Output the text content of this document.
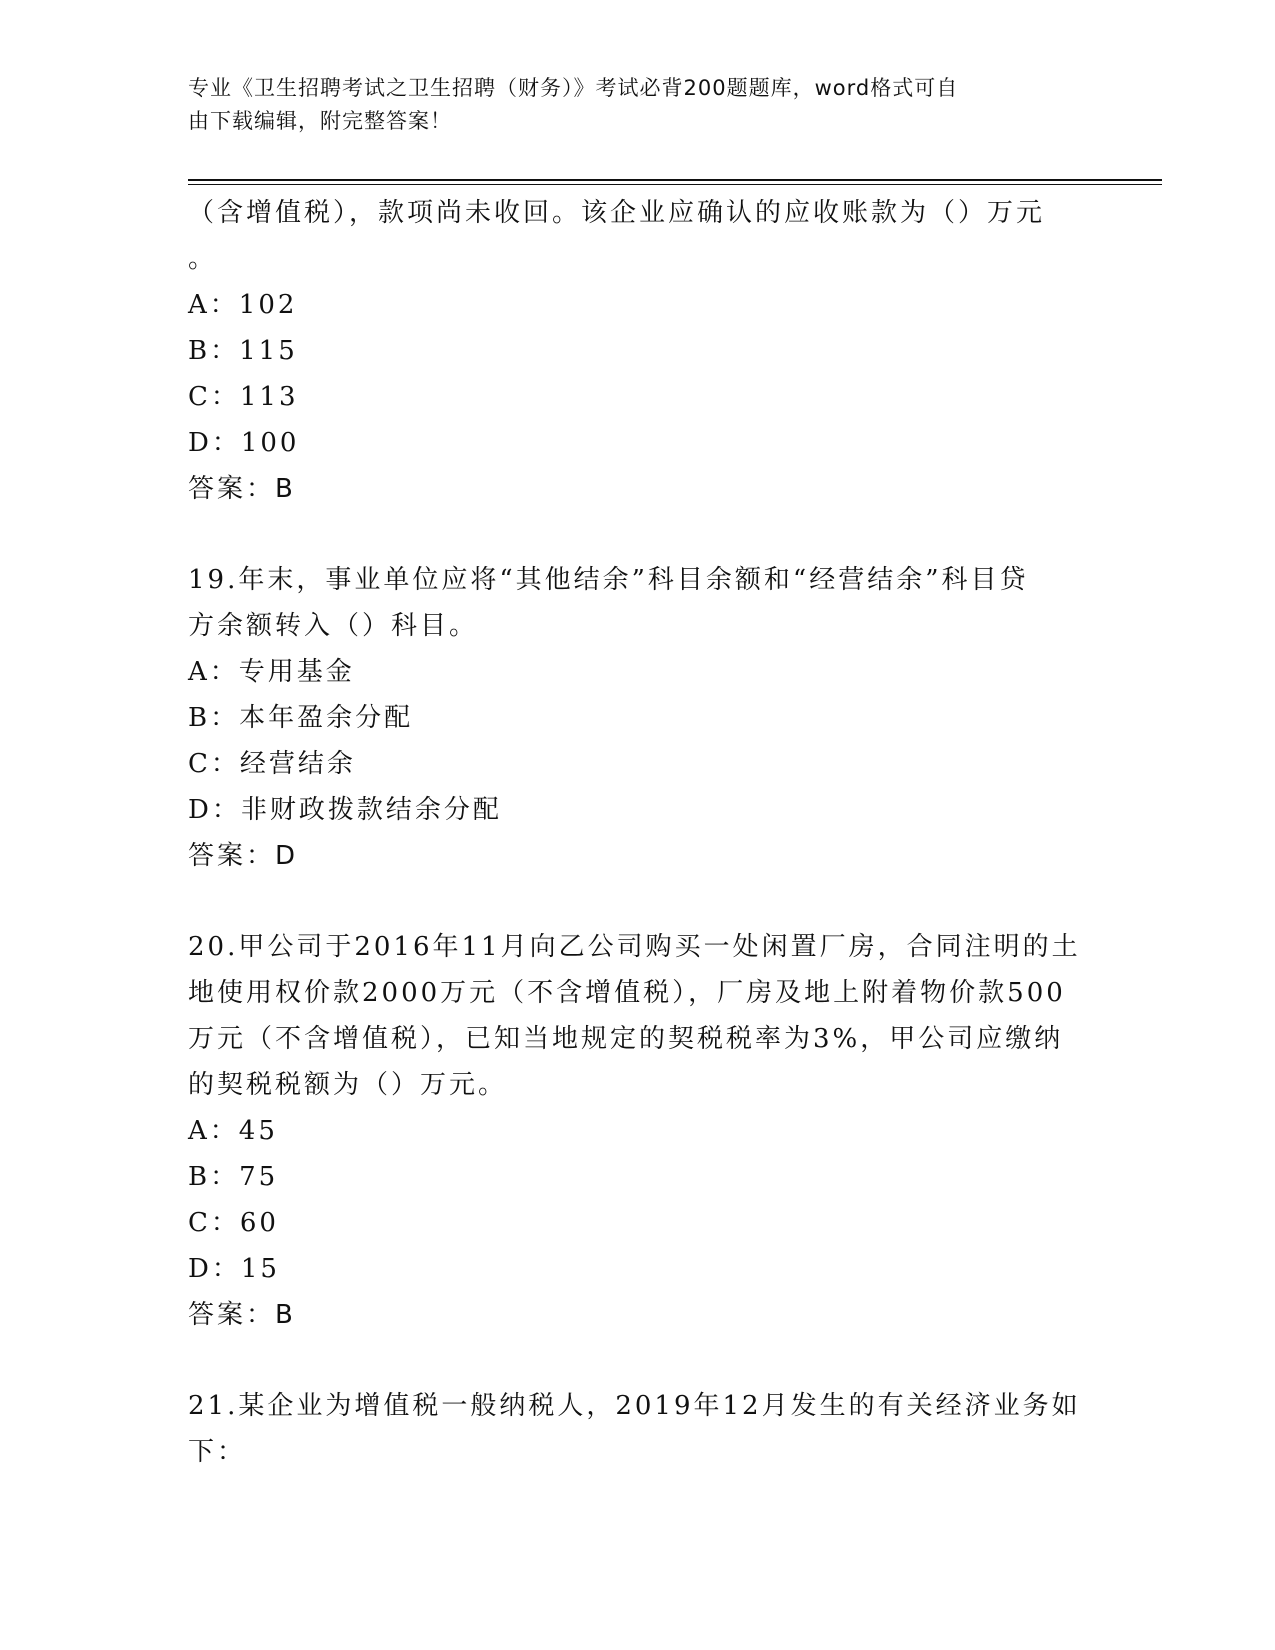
专业《卫生招聘考试之卫生招聘（财务）》考试必背200题题库，word格式可自
由下载编辑，附完整答案！
（含增值税），款项尚未收回。该企业应确认的应收账款为（）万元
。
A：102
B：115
C：113
D：100
答案：B
19.年末，事业单位应将“其他结余”科目余额和“经营结余”科目贷
方余额转入（）科目。
A：专用基金
B：本年盈余分配
C：经营结余
D：非财政拨款结余分配
答案：D
20.甲公司于2016年11月向乙公司购买一处闲置厂房，合同注明的土
地使用权价款2000万元（不含增值税），厂房及地上附着物价款500
万元（不含增值税），已知当地规定的契税税率为3%，甲公司应缴纳
的契税税额为（）万元。
A：45
B：75
C：60
D：15
答案：B
21.某企业为增值税一般纳税人，2019年12月发生的有关经济业务如
下：
